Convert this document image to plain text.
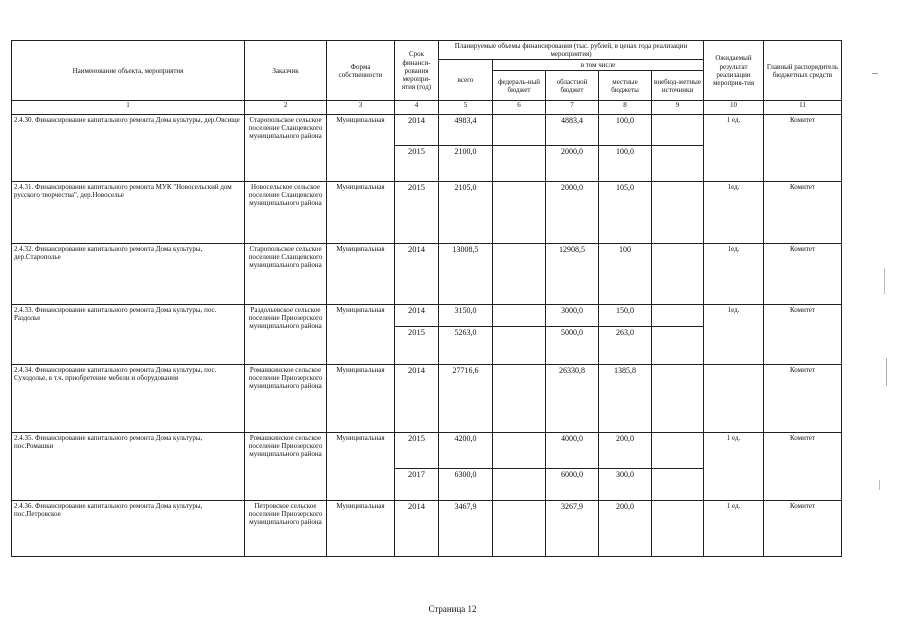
Наименование объекта, мероприятия	Заказчик	Форма собственности	Срок финанси-рования меропри-ятия (год)	Планируемые объемы финансирования (тыс. рублей, в ценах года реализации мероприятия)					Ожидаемый результат реализации мероприя-тия	Главный распорядитель бюджетных средств
				всего	в том числе					
					федераль-ный бюджет	областной бюджет	местные бюджеты	внебюд-жетные источники		
1	2	3	4	5	6	7	8	9	10	11
2.4.30. Финансирование капитального ремонта Дома культуры, дер.Овсище	Старопольское сельское поселение Сланцевского муниципального района	Муниципальная	2014	4983,4		4883,4	100,0		1 ед.	Комитет
			2015	2100,0		2000,0	100,0			
2.4.31. Финансирование капитального ремонта МУК "Новосельский дом русского творчества", дер.Новоселье	Новосельское сельское поселение Сланцевского муниципального района	Муниципальная	2015	2105,0		2000,0	105,0		1ед.	Комитет
2.4.32. Финансирование капитального ремонта Дома культуры, дер.Старополье	Старопольское сельское поселение Сланцевского муниципального района	Муниципальная	2014	13008,5		12908,5	100		1ед.	Комитет
2.4.33. Финансирование капитального ремонта Дома культуры, пос. Раздолье	Раздольевское сельское поселение Приозерского муниципального района	Муниципальная	2014	3150,0		3000,0	150,0		1ед.	Комитет
			2015	5263,0		5000,0	263,0			
2.4.34. Финансирование капитального ремонта Дома культуры, пос. Суходолье, в т.ч. приобретение мебели и оборудования	Ромашкинское сельское поселение Приозерского муниципального района	Муниципальная	2014	27716,6		26330,8	1385,8			Комитет
2.4.35. Финансирование капитального ремонта Дома культуры, пос.Ромашки	Ромашкинское сельское поселение Приозерского муниципального района	Муниципальная	2015	4200,0		4000,0	200,0		1 ед.	Комитет
			2017	6300,0		6000,0	300,0			
2.4.36. Финансирование капитального ремонта Дома культуры, пос.Петровское	Петровское сельское поселение Приозерского муниципального района	Муниципальная	2014	3467,9		3267,9	200,0		1 ед.	Комитет
Страница 12
